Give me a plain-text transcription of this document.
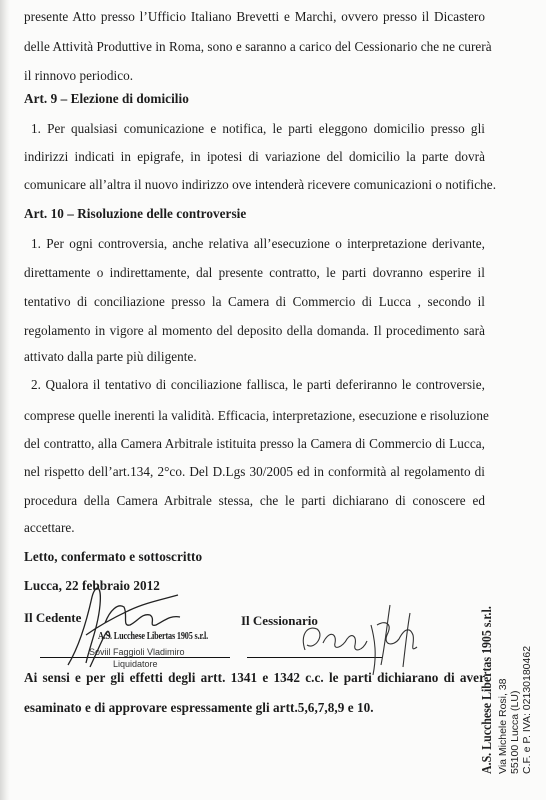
presente Atto presso l’Ufficio Italiano Brevetti e Marchi, ovvero presso il Dicastero
delle Attività Produttive in Roma, sono e saranno a carico del Cessionario che ne curerà
il rinnovo periodico.
Art. 9 – Elezione di domicilio
1. Per qualsiasi comunicazione e notifica, le parti eleggono domicilio presso gli
indirizzi indicati in epigrafe, in ipotesi di variazione del domicilio la parte dovrà
comunicare all’altra il nuovo indirizzo ove intenderà ricevere comunicazioni o notifiche.
Art. 10 – Risoluzione delle controversie
1. Per ogni controversia, anche relativa all’esecuzione o interpretazione derivante,
direttamente o indirettamente, dal presente contratto, le parti dovranno esperire il
tentativo di conciliazione presso la Camera di Commercio di Lucca , secondo il
regolamento in vigore al momento del deposito della domanda. Il procedimento sarà
attivato dalla parte più diligente.
2. Qualora il tentativo di conciliazione fallisca, le parti deferiranno le controversie,
comprese quelle inerenti la validità. Efficacia, interpretazione, esecuzione e risoluzione
del contratto, alla Camera Arbitrale istituita presso la Camera di Commercio di Lucca,
nel rispetto dell’art.134, 2°co. Del D.Lgs 30/2005 ed in conformità al regolamento di
procedura della Camera Arbitrale stessa, che le parti dichiarano di conoscere ed
accettare.
Letto, confermato e sottoscritto
Lucca, 22 febbraio 2012
Il Cedente	Il Cessionario
A.S. Lucchese Libertas 1905 s.r.l.
Soviil Faggioli Vladimiro
Liquidatore
Ai sensi e per gli effetti degli artt. 1341 e 1342 c.c. le parti dichiarano di aver
esaminato e di approvare espressamente gli artt.5,6,7,8,9 e 10.	A.S. Lucchese Libertas 1905 s.r.l. Via Michele Rosi, 38 55100 Lucca (LU) C.F. e P. IVA: 02130180462
